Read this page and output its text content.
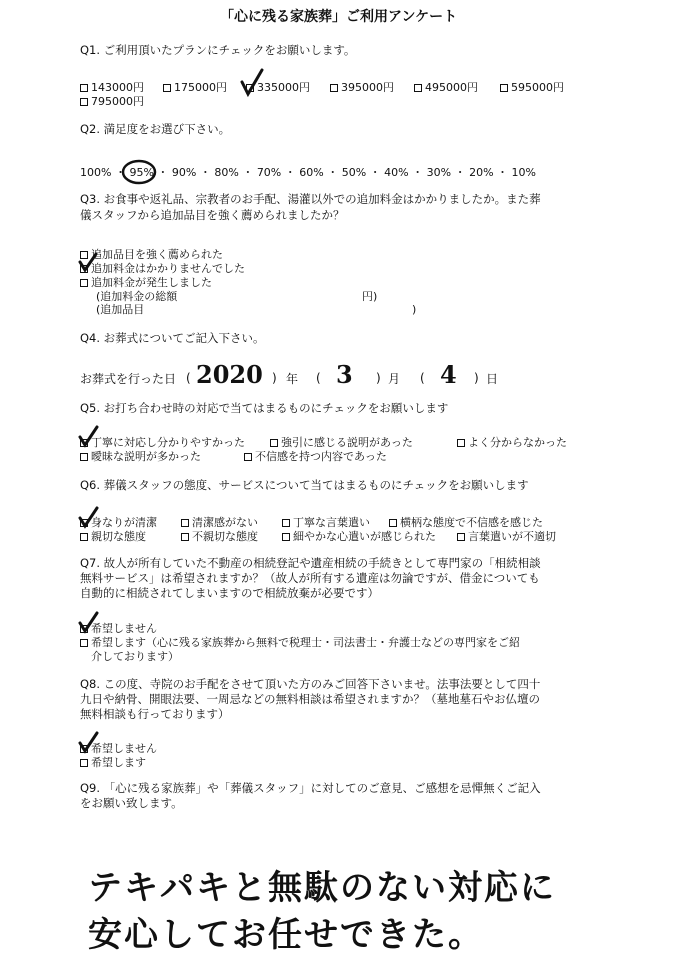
「心に残る家族葬」ご利用アンケート
Q1. ご利用頂いたプランにチェックをお願いします。
143000円	175000円	335000円	395000円	495000円	595000円
795000円
Q2. 満足度をお選び下さい。
100% ・ 95% ・ 90% ・ 80% ・ 70% ・ 60% ・ 50% ・ 40% ・ 30% ・ 20% ・ 10%
Q3. お食事や返礼品、宗教者のお手配、湯灌以外での追加料金はかかりましたか。また葬
儀スタッフから追加品目を強く薦められましたか？
追加品目を強く薦められた
追加料金はかかりませんでした
追加料金が発生しました
(追加料金の総額	円)
(追加品目	)
Q4. お葬式についてご記入下さい。
お葬式を行った日 ( 2020 ) 年 ( 3 ) 月 ( 4 ) 日
Q5. お打ち合わせ時の対応で当てはまるものにチェックをお願いします
丁寧に対応し分かりやすかった	強引に感じる説明があった	よく分からなかった
曖昧な説明が多かった	不信感を持つ内容であった
Q6. 葬儀スタッフの態度、サービスについて当てはまるものにチェックをお願いします
身なりが清潔	清潔感がない	丁寧な言葉遣い	横柄な態度で不信感を感じた
親切な態度	不親切な態度	細やかな心遣いが感じられた	言葉遣いが不適切
Q7. 故人が所有していた不動産の相続登記や遺産相続の手続きとして専門家の「相続相談
無料サービス」は希望されますか？（故人が所有する遺産は勿論ですが、借金についても
自動的に相続されてしまいますので相続放棄が必要です）
希望しません
希望します（心に残る家族葬から無料で税理士・司法書士・弁護士などの専門家をご紹
介しております）
Q8. この度、寺院のお手配をさせて頂いた方のみご回答下さいませ。法事法要として四十
九日や納骨、開眼法要、一周忌などの無料相談は希望されますか？（墓地墓石やお仏壇の
無料相談も行っております）
希望しません
希望します
Q9. 「心に残る家族葬」や「葬儀スタッフ」に対してのご意見、ご感想を忌憚無くご記入
をお願い致します。
テキパキと無駄のない対応に
安心してお任せできた。
